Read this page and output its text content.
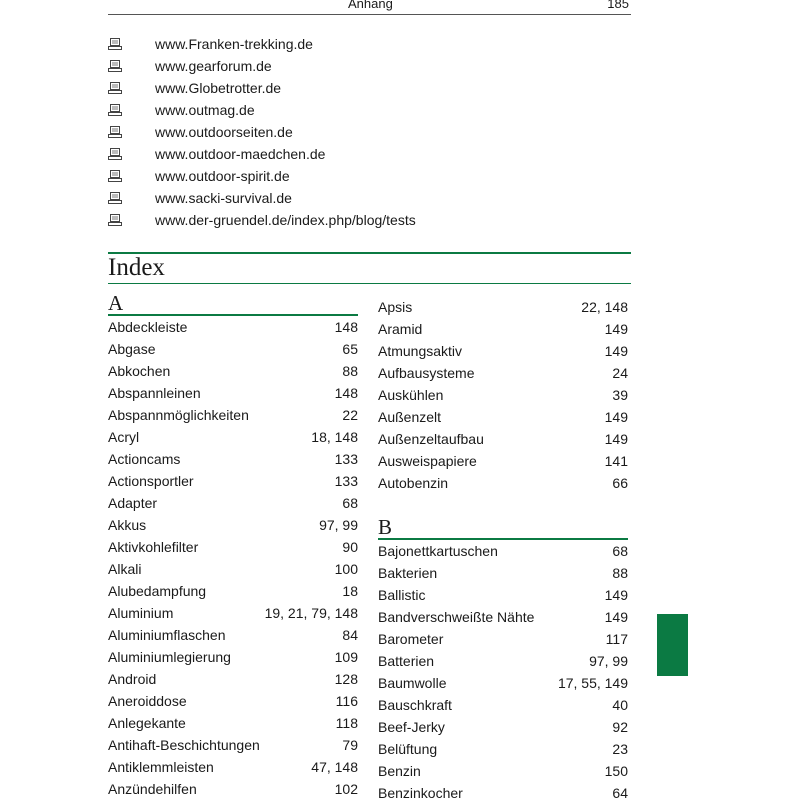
Anhang	185
www.Franken-trekking.de
www.gearforum.de
www.Globetrotter.de
www.outmag.de
www.outdoorseiten.de
www.outdoor-maedchen.de
www.outdoor-spirit.de
www.sacki-survival.de
www.der-gruendel.de/index.php/blog/tests
Index
A
Abdeckleiste	148
Abgase	65
Abkochen	88
Abspannleinen	148
Abspannmöglichkeiten	22
Acryl	18, 148
Actioncams	133
Actionsportler	133
Adapter	68
Akkus	97, 99
Aktivkohlefilter	90
Alkali	100
Alubedampfung	18
Aluminium	19, 21, 79, 148
Aluminiumflaschen	84
Aluminiumlegierung	109
Android	128
Aneroiddose	116
Anlegekante	118
Antihaft-Beschichtungen	79
Antiklemmleisten	47, 148
Anzündehilfen	102
Apsis	22, 148
Aramid	149
Atmungsaktiv	149
Aufbausysteme	24
Auskühlen	39
Außenzelt	149
Außenzeltaufbau	149
Ausweispapiere	141
Autobenzin	66
B
Bajonettkartuschen	68
Bakterien	88
Ballistic	149
Bandverschweißte Nähte	149
Barometer	117
Batterien	97, 99
Baumwolle	17, 55, 149
Bauschkraft	40
Beef-Jerky	92
Belüftung	23
Benzin	150
Benzinkocher	64
